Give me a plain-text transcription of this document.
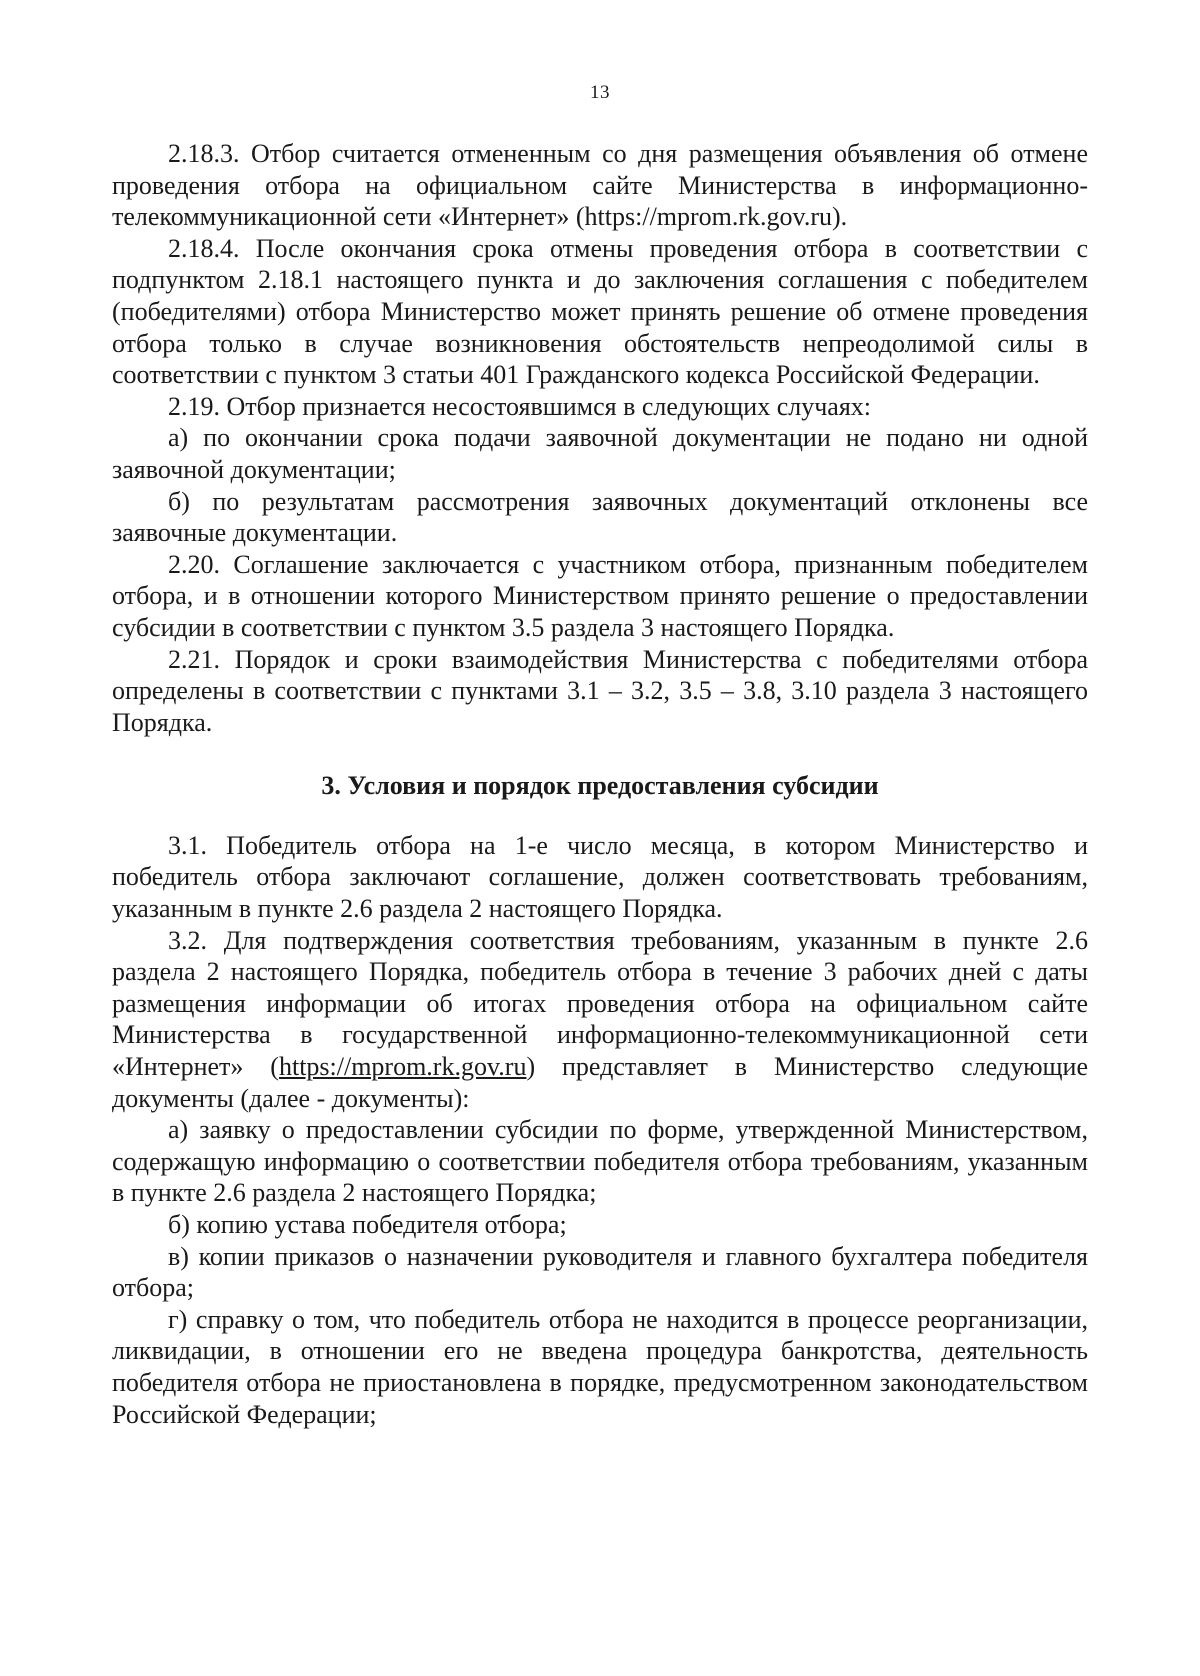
13

2.18.3. Отбор считается отмененным со дня размещения объявления об отмене проведения отбора на официальном сайте Министерства в информационно-телекоммуникационной сети «Интернет» (https://mprom.rk.gov.ru).

2.18.4. После окончания срока отмены проведения отбора в соответствии с подпунктом 2.18.1 настоящего пункта и до заключения соглашения с победителем (победителями) отбора Министерство может принять решение об отмене проведения отбора только в случае возникновения обстоятельств непреодолимой силы в соответствии с пунктом 3 статьи 401 Гражданского кодекса Российской Федерации.

2.19. Отбор признается несостоявшимся в следующих случаях:

а) по окончании срока подачи заявочной документации не подано ни одной заявочной документации;

б) по результатам рассмотрения заявочных документаций отклонены все заявочные документации.

2.20. Соглашение заключается с участником отбора, признанным победителем отбора, и в отношении которого Министерством принято решение о предоставлении субсидии в соответствии с пунктом 3.5 раздела 3 настоящего Порядка.

2.21. Порядок и сроки взаимодействия Министерства с победителями отбора определены в соответствии с пунктами 3.1 – 3.2, 3.5 – 3.8, 3.10 раздела 3 настоящего Порядка.

3. Условия и порядок предоставления субсидии

3.1. Победитель отбора на 1-е число месяца, в котором Министерство и победитель отбора заключают соглашение, должен соответствовать требованиям, указанным в пункте 2.6 раздела 2 настоящего Порядка.

3.2. Для подтверждения соответствия требованиям, указанным в пункте 2.6 раздела 2 настоящего Порядка, победитель отбора в течение 3 рабочих дней с даты размещения информации об итогах проведения отбора на официальном сайте Министерства в государственной информационно-телекоммуникационной сети «Интернет» (https://mprom.rk.gov.ru) представляет в Министерство следующие документы (далее - документы):

а) заявку о предоставлении субсидии по форме, утвержденной Министерством, содержащую информацию о соответствии победителя отбора требованиям, указанным в пункте 2.6 раздела 2 настоящего Порядка;

б) копию устава победителя отбора;

в) копии приказов о назначении руководителя и главного бухгалтера победителя отбора;

г) справку о том, что победитель отбора не находится в процессе реорганизации, ликвидации, в отношении его не введена процедура банкротства, деятельность победителя отбора не приостановлена в порядке, предусмотренном законодательством Российской Федерации;
